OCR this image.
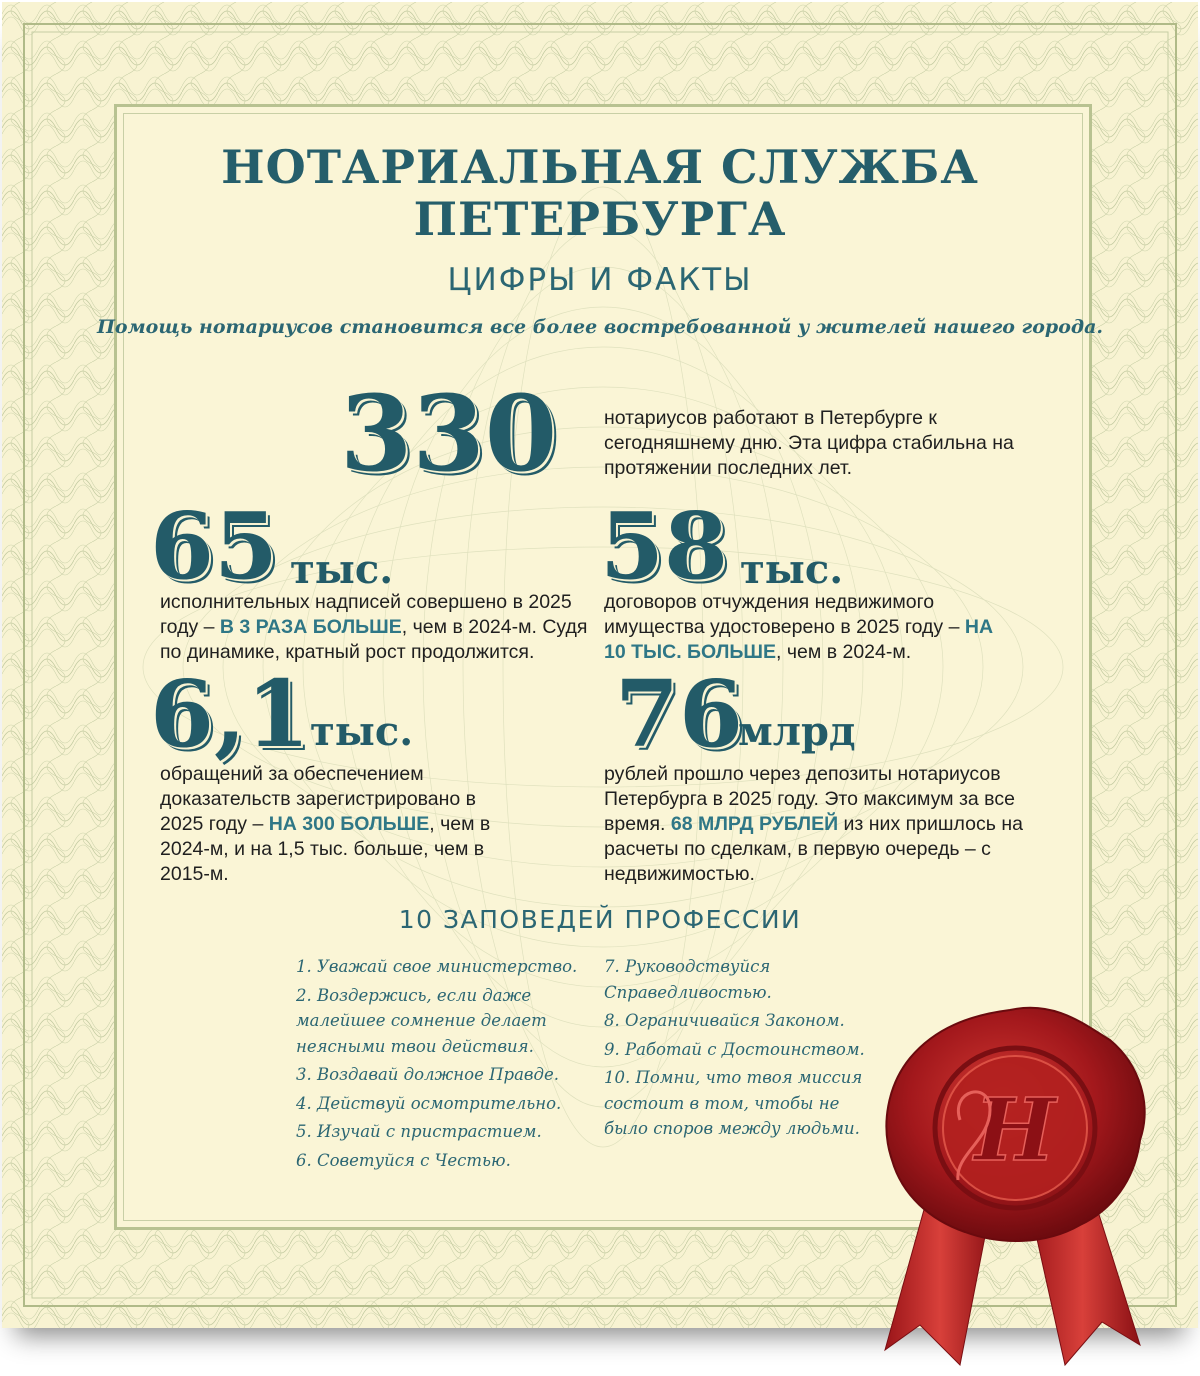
НОТАРИАЛЬНАЯ СЛУЖБА
ПЕТЕРБУРГА
ЦИФРЫ И ФАКТЫ
Помощь нотариусов становится все более востребованной у жителей нашего города.
330 нотариусов работают в Петербурге к сегодняшнему дню. Эта цифра стабильна на протяжении последних лет.
65 тыс.
исполнительных надписей совершено в 2025 году – В 3 РАЗА БОЛЬШЕ, чем в 2024-м. Судя по динамике, кратный рост продолжится.
58 тыс.
договоров отчуждения недвижимого имущества удостоверено в 2025 году – НА 10 ТЫС. БОЛЬШЕ, чем в 2024-м.
6,1 тыс.
обращений за обеспечением доказательств зарегистрировано в 2025 году – НА 300 БОЛЬШЕ, чем в 2024-м, и на 1,5 тыс. больше, чем в 2015-м.
76
млрд
рублей прошло через депозиты нотариусов Петербурга в 2025 году. Это максимум за все время. 68 МЛРД РУБЛЕЙ из них пришлось на расчеты по сделкам, в первую очередь – с недвижимостью.
10 ЗАПОВЕДЕЙ ПРОФЕССИИ
1. Уважай свое министерство.
2. Воздержись, если даже малейшее сомнение делает неясными твои действия.
3. Воздавай должное Правде.
4. Действуй осмотрительно.
5. Изучай с пристрастием.
6. Советуйся с Честью.
7. Руководствуйся Справедливостью.
8. Ограничивайся Законом.
9. Работай с Достоинством.
10. Помни, что твоя миссия состоит в том, чтобы не было споров между людьми. Н
